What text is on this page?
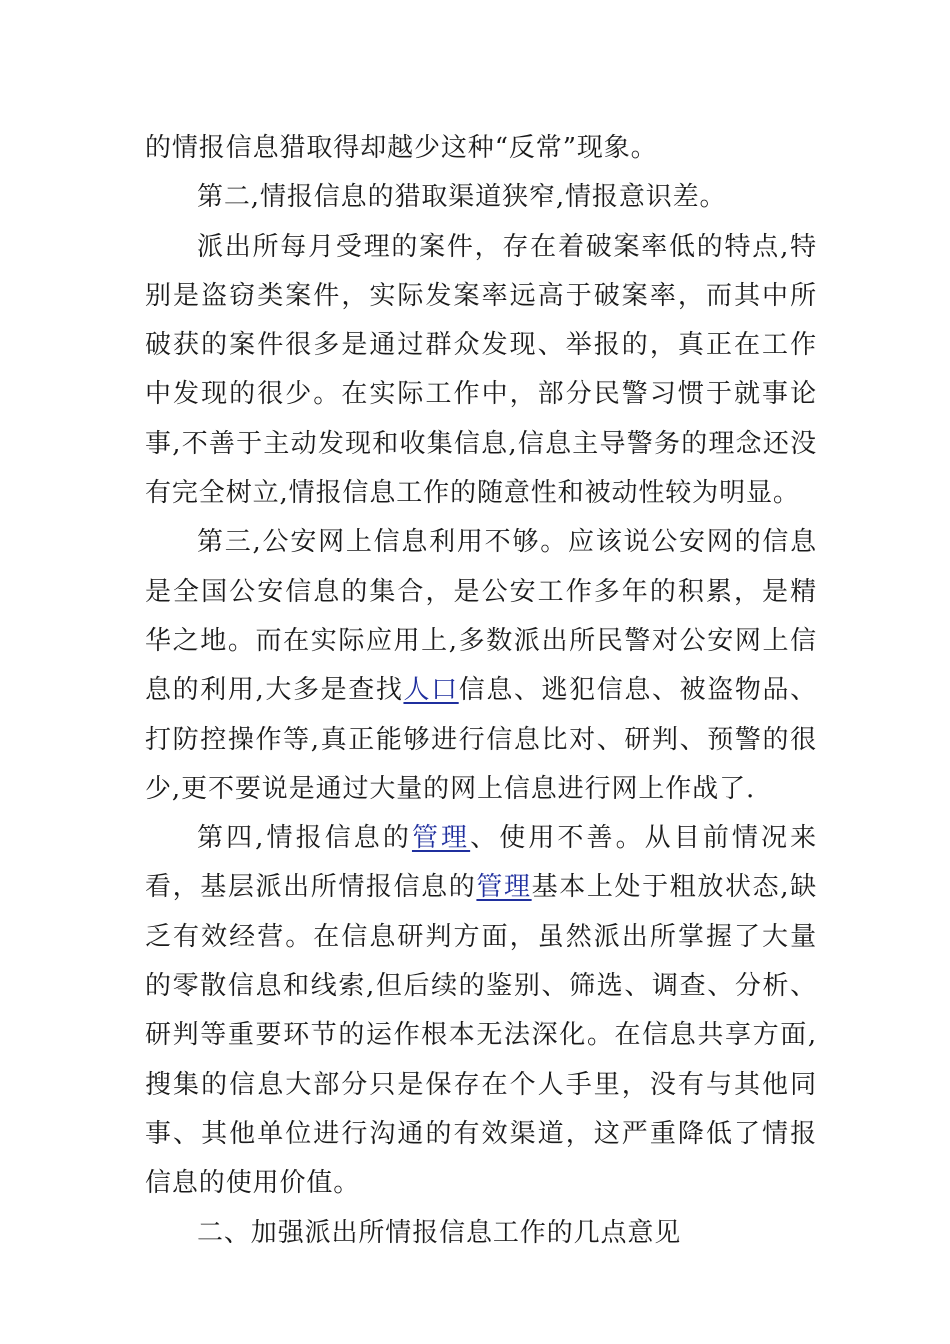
的情报信息猎取得却越少这种“反常”现象。

第二,情报信息的猎取渠道狭窄,情报意识差。

派出所每月受理的案件，存在着破案率低的特点,特别是盗窃类案件，实际发案率远高于破案率，而其中所破获的案件很多是通过群众发现、举报的，真正在工作中发现的很少。在实际工作中，部分民警习惯于就事论事,不善于主动发现和收集信息,信息主导警务的理念还没有完全树立,情报信息工作的随意性和被动性较为明显。

第三,公安网上信息利用不够。应该说公安网的信息是全国公安信息的集合，是公安工作多年的积累，是精华之地。而在实际应用上,多数派出所民警对公安网上信息的利用,大多是查找人口信息、逃犯信息、被盗物品、打防控操作等,真正能够进行信息比对、研判、预警的很少,更不要说是通过大量的网上信息进行网上作战了.

第四,情报信息的管理、使用不善。从目前情况来看，基层派出所情报信息的管理基本上处于粗放状态,缺乏有效经营。在信息研判方面，虽然派出所掌握了大量的零散信息和线索,但后续的鉴别、筛选、调查、分析、研判等重要环节的运作根本无法深化。在信息共享方面,搜集的信息大部分只是保存在个人手里，没有与其他同事、其他单位进行沟通的有效渠道，这严重降低了情报信息的使用价值。

二、加强派出所情报信息工作的几点意见
